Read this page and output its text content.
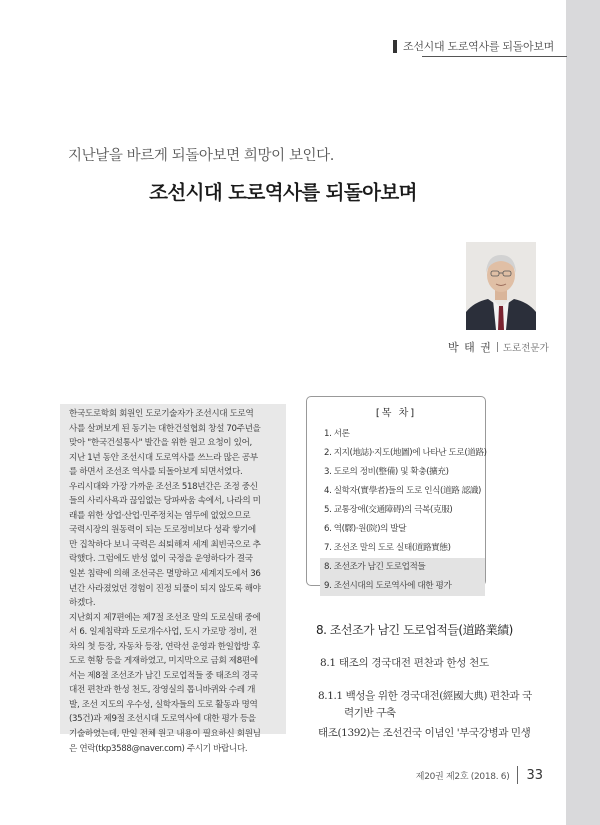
조선시대 도로역사를 되돌아보며
지난날을 바르게 되돌아보면 희망이 보인다.
조선시대 도로역사를 되돌아보며
박 태 권 도로전문가

한국도로학회 회원인 도로기술자가 조선시대 도로역

사를 살펴보게 된 동기는 대한건설협회 창설 70주년을

맞아 "한국건설통사" 발간을 위한 원고 요청이 있어,

지난 1년 동안 조선시대 도로역사를 쓰느라 많은 공부

를 하면서 조선조 역사를 되돌아보게 되면서였다.

우리시대와 가장 가까운 조선조 518년간은 조정 중신

들의 사리사욕과 끊임없는 당파싸움 속에서, 나라의 미

래를 위한 상업·산업·민주정치는 염두에 없었으므로

국력시장의 원동력이 되는 도로정비보다 성곽 쌓기에

만 집착하다 보니 국력은 쇠퇴해져 세계 최빈국으로 추

락했다. 그럼에도 반성 없이 국정을 운영하다가 결국

일본 침략에 의해 조선국은 멸망하고 세계지도에서 36

년간 사라졌었던 경험이 진정 되풀이 되지 않도록 해야

하겠다.

지난회지 제7편에는 제7절 조선조 말의 도로실태 중에

서 6. 일제침략과 도로개수사업, 도시 가로망 정비, 전

차의 첫 등장, 자동차 등장, 연락선 운영과 한일합방 후

도로 현황 등을 게재하였고, 미지막으로 금회 제8편에

서는 제8절 조선조가 남긴 도로업적들 중 태조의 경국

대전 편찬과 한성 천도, 장영실의 톱니바퀴와 수레 개

발, 조선 지도의 우수성, 실학자들의 도로 활동과 명역

(35건)과 제9절 조선시대 도로역사에 대한 평가 등을

기술하였는데, 만일 전체 원고 내용이 필요하신 회원님

은 연락(tkp3588@naver.com) 주시기 바랍니다.

[목 차]
1. 서론
2. 지지(地誌)·지도(地圖)에 나타난 도로(道路)
3. 도로의 정비(整備) 및 확충(擴充)
4. 실학자(實學者)들의 도로 인식(道路 認識)
5. 교통장애(交通障碍)의 극복(克服)
6. 역(驛)·원(院)의 발달
7. 조선조 말의 도로 실태(道路實態)
8. 조선조가 남긴 도로업적들
9. 조선시대의 도로역사에 대한 평가
8. 조선조가 남긴 도로업적들(道路業績)
8.1 태조의 경국대전 편찬과 한성 천도
8.1.1 백성을 위한 경국대전(經國大典) 편찬과 국
력기반 구축
태조(1392)는 조선건국 이념인 '부국강병과 민생
제20권 제2호 (2018. 6) 33
